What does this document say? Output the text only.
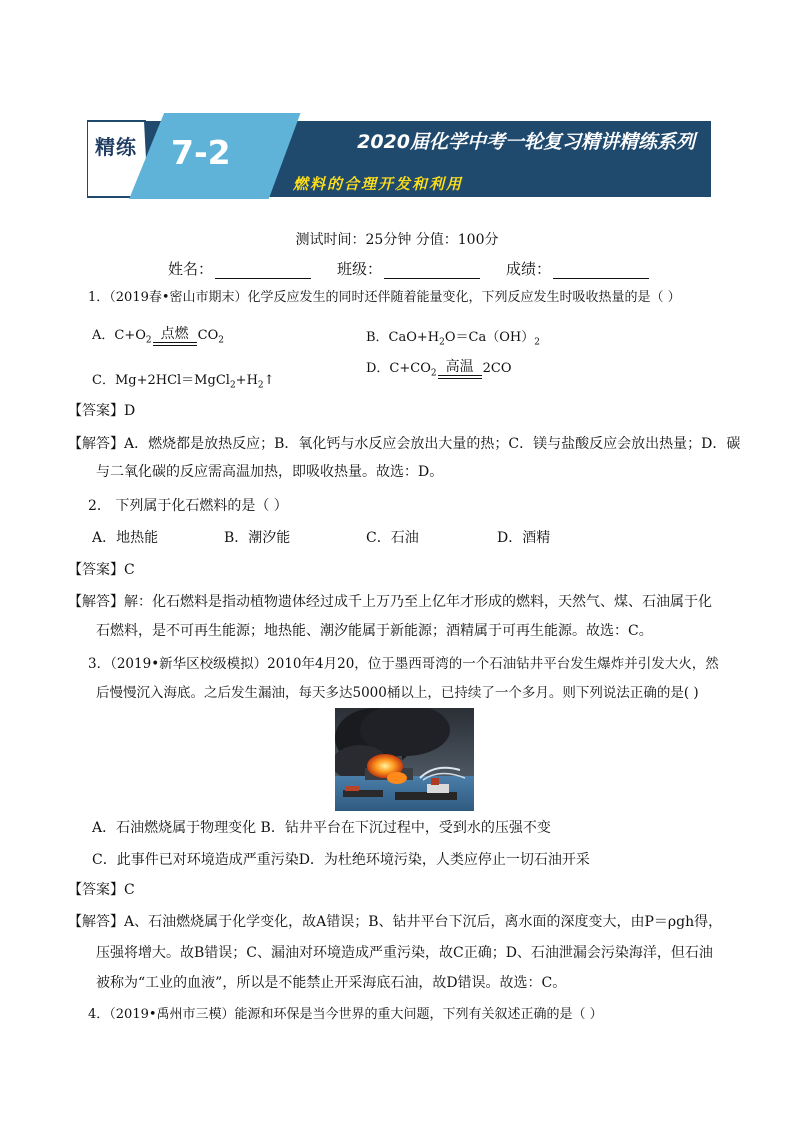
精练 7-2	2020届化学中考一轮复习精讲精练系列
燃料的合理开发和利用
测试时间：25分钟 分值：100分
姓名：	班级：	成绩：
1．（2019春•密山市期末）化学反应发生的同时还伴随着能量变化，下列反应发生时吸收热量的是（ ）
A．$C+O_2$ 点燃 $CO_2$	B．$CaO+H_2O=Ca(OH)_2$
C．$Mg+2HCl=MgCl_2+H_2↑$
D．$C+CO_2$ 高温 2CO
【答案】D
【解答】A．燃烧都是放热反应；B．氧化钙与水反应会放出大量的热；C．镁与盐酸反应会放出热量；D．碳
与二氧化碳的反应需高温加热，即吸收热量。故选：D。
2． 下列属于化石燃料的是（ ）
A．地热能	B．潮汐能	C．石油	D．酒精
【答案】C
【解答】解：化石燃料是指动植物遗体经过成千上万乃至上亿年才形成的燃料，天然气、煤、石油属于化
石燃料，是不可再生能源；地热能、潮汐能属于新能源；酒精属于可再生能源。故选：C。
3．（2019•新华区校级模拟）2010年4月20，位于墨西哥湾的一个石油钻井平台发生爆炸并引发大火，然
后慢慢沉入海底。之后发生漏油，每天多达5000桶以上，已持续了一个多月。则下列说法正确的是( )
A．石油燃烧属于物理变化 B．钻井平台在下沉过程中，受到水的压强不变
C．此事件已对环境造成严重污染D．为杜绝环境污染，人类应停止一切石油开采
【答案】C
【解答】A、石油燃烧属于化学变化，故A错误；B、钻井平台下沉后，离水面的深度变大，由P＝ρgh得，
压强将增大。故B错误；C、漏油对环境造成严重污染，故C正确；D、石油泄漏会污染海洋，但石油
被称为“工业的血液”，所以是不能禁止开采海底石油，故D错误。故选：C。
4．（2019•禹州市三模）能源和环保是当今世界的重大问题，下列有关叙述正确的是（ ）
